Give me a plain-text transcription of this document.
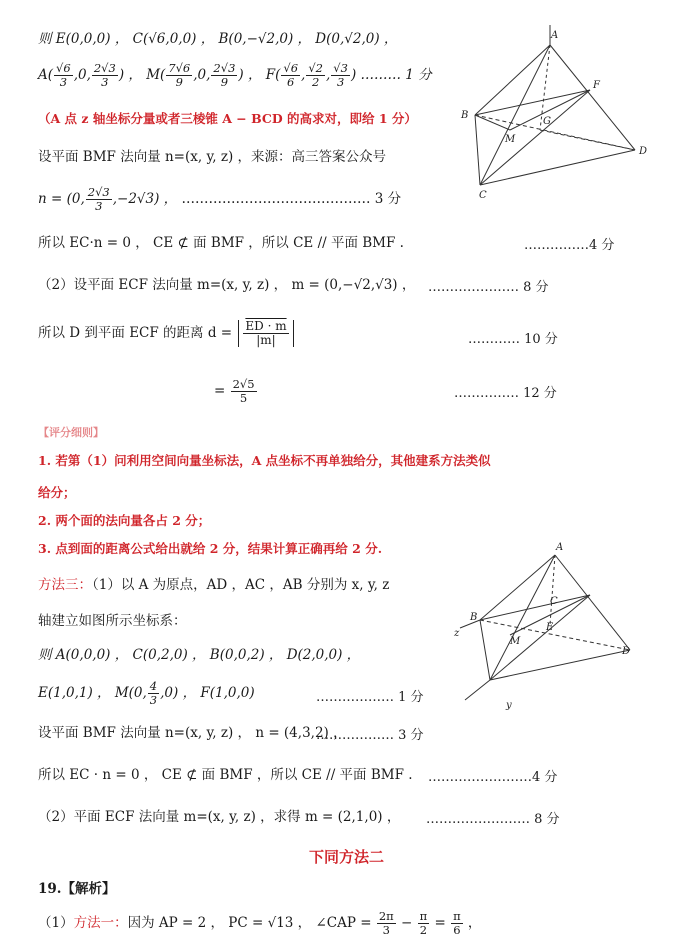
则 E(0,0,0) ， C(√6,0,0) ， B(0,−√2,0) ， D(0,√2,0) ，
$A( \frac{√6}{3} ,0$, $\frac{2√3}{3}$ ) ， $M( \frac{7√6}{9} ,0$, $\frac{2√3}{9}$ ) ， $F( \frac{√6}{6}$ , $\frac{√2}{2}$ , $\frac{√3}{3}$ ) ……… 1 分
（A 点 z 轴坐标分量或者三棱锥 A − BCD 的高求对，即给 1 分）
设平面 BMF 法向量 n=(x, y, z) ，来源：高三答案公众号
n = (0, $\frac{2√3}{3} ,-2√3$) ， …………………………………… 3 分
所以 EC·n = 0 ， CE ⊄ 面 BMF ，所以 CE // 平面 BMF .	……………4 分
（2）设平面 ECF 法向量 m=(x, y, z) ， m = (0,−√2,√3) ， ………………… 8 分
所以 D 到平面 ECF 的距离 $d = \frac{ED \cdot m}{|m|}$	………… 10 分
= $\frac{2√5}{5}$	…………… 12 分
【评分细则】
1. 若第（1）问利用空间向量坐标法，A 点坐标不再单独给分，其他建系方法类似
给分；
2. 两个面的法向量各占 2 分；
3. 点到面的距离公式给出就给 2 分，结果计算正确再给 2 分.
方法三：（1）以 A 为原点，AD ，AC ，AB 分别为 x, y, z
轴建立如图所示坐标系：
则 A(0,0,0) ， C(0,2,0) ， B(0,0,2) ， D(2,0,0) ，
E(1,0,1) ， M(0, $\frac{4}{3} ,0$) ， F(1,0,0)	……………… 1 分
设平面 BMF 法向量 n=(x, y, z) ， n = (4,3,2) ，
……………… 3 分
所以 EC · n = 0 ， CE ⊄ 面 BMF ，所以 CE // 平面 BMF . ……………………4 分
（2）平面 ECF 法向量 m=(x, y, z) ，求得 m = (2,1,0) ， …………………… 8 分
下同方法二
19.【解析】
（1）方法一：因为 AP = 2 ， PC = √13 ， ∠CAP = $\frac{2\pi}{3} - \frac{\pi}{2} = \frac{\pi}{6}$ ，
A
F
B
M
G
D
C
A
C
B
M
E
D
y
z
